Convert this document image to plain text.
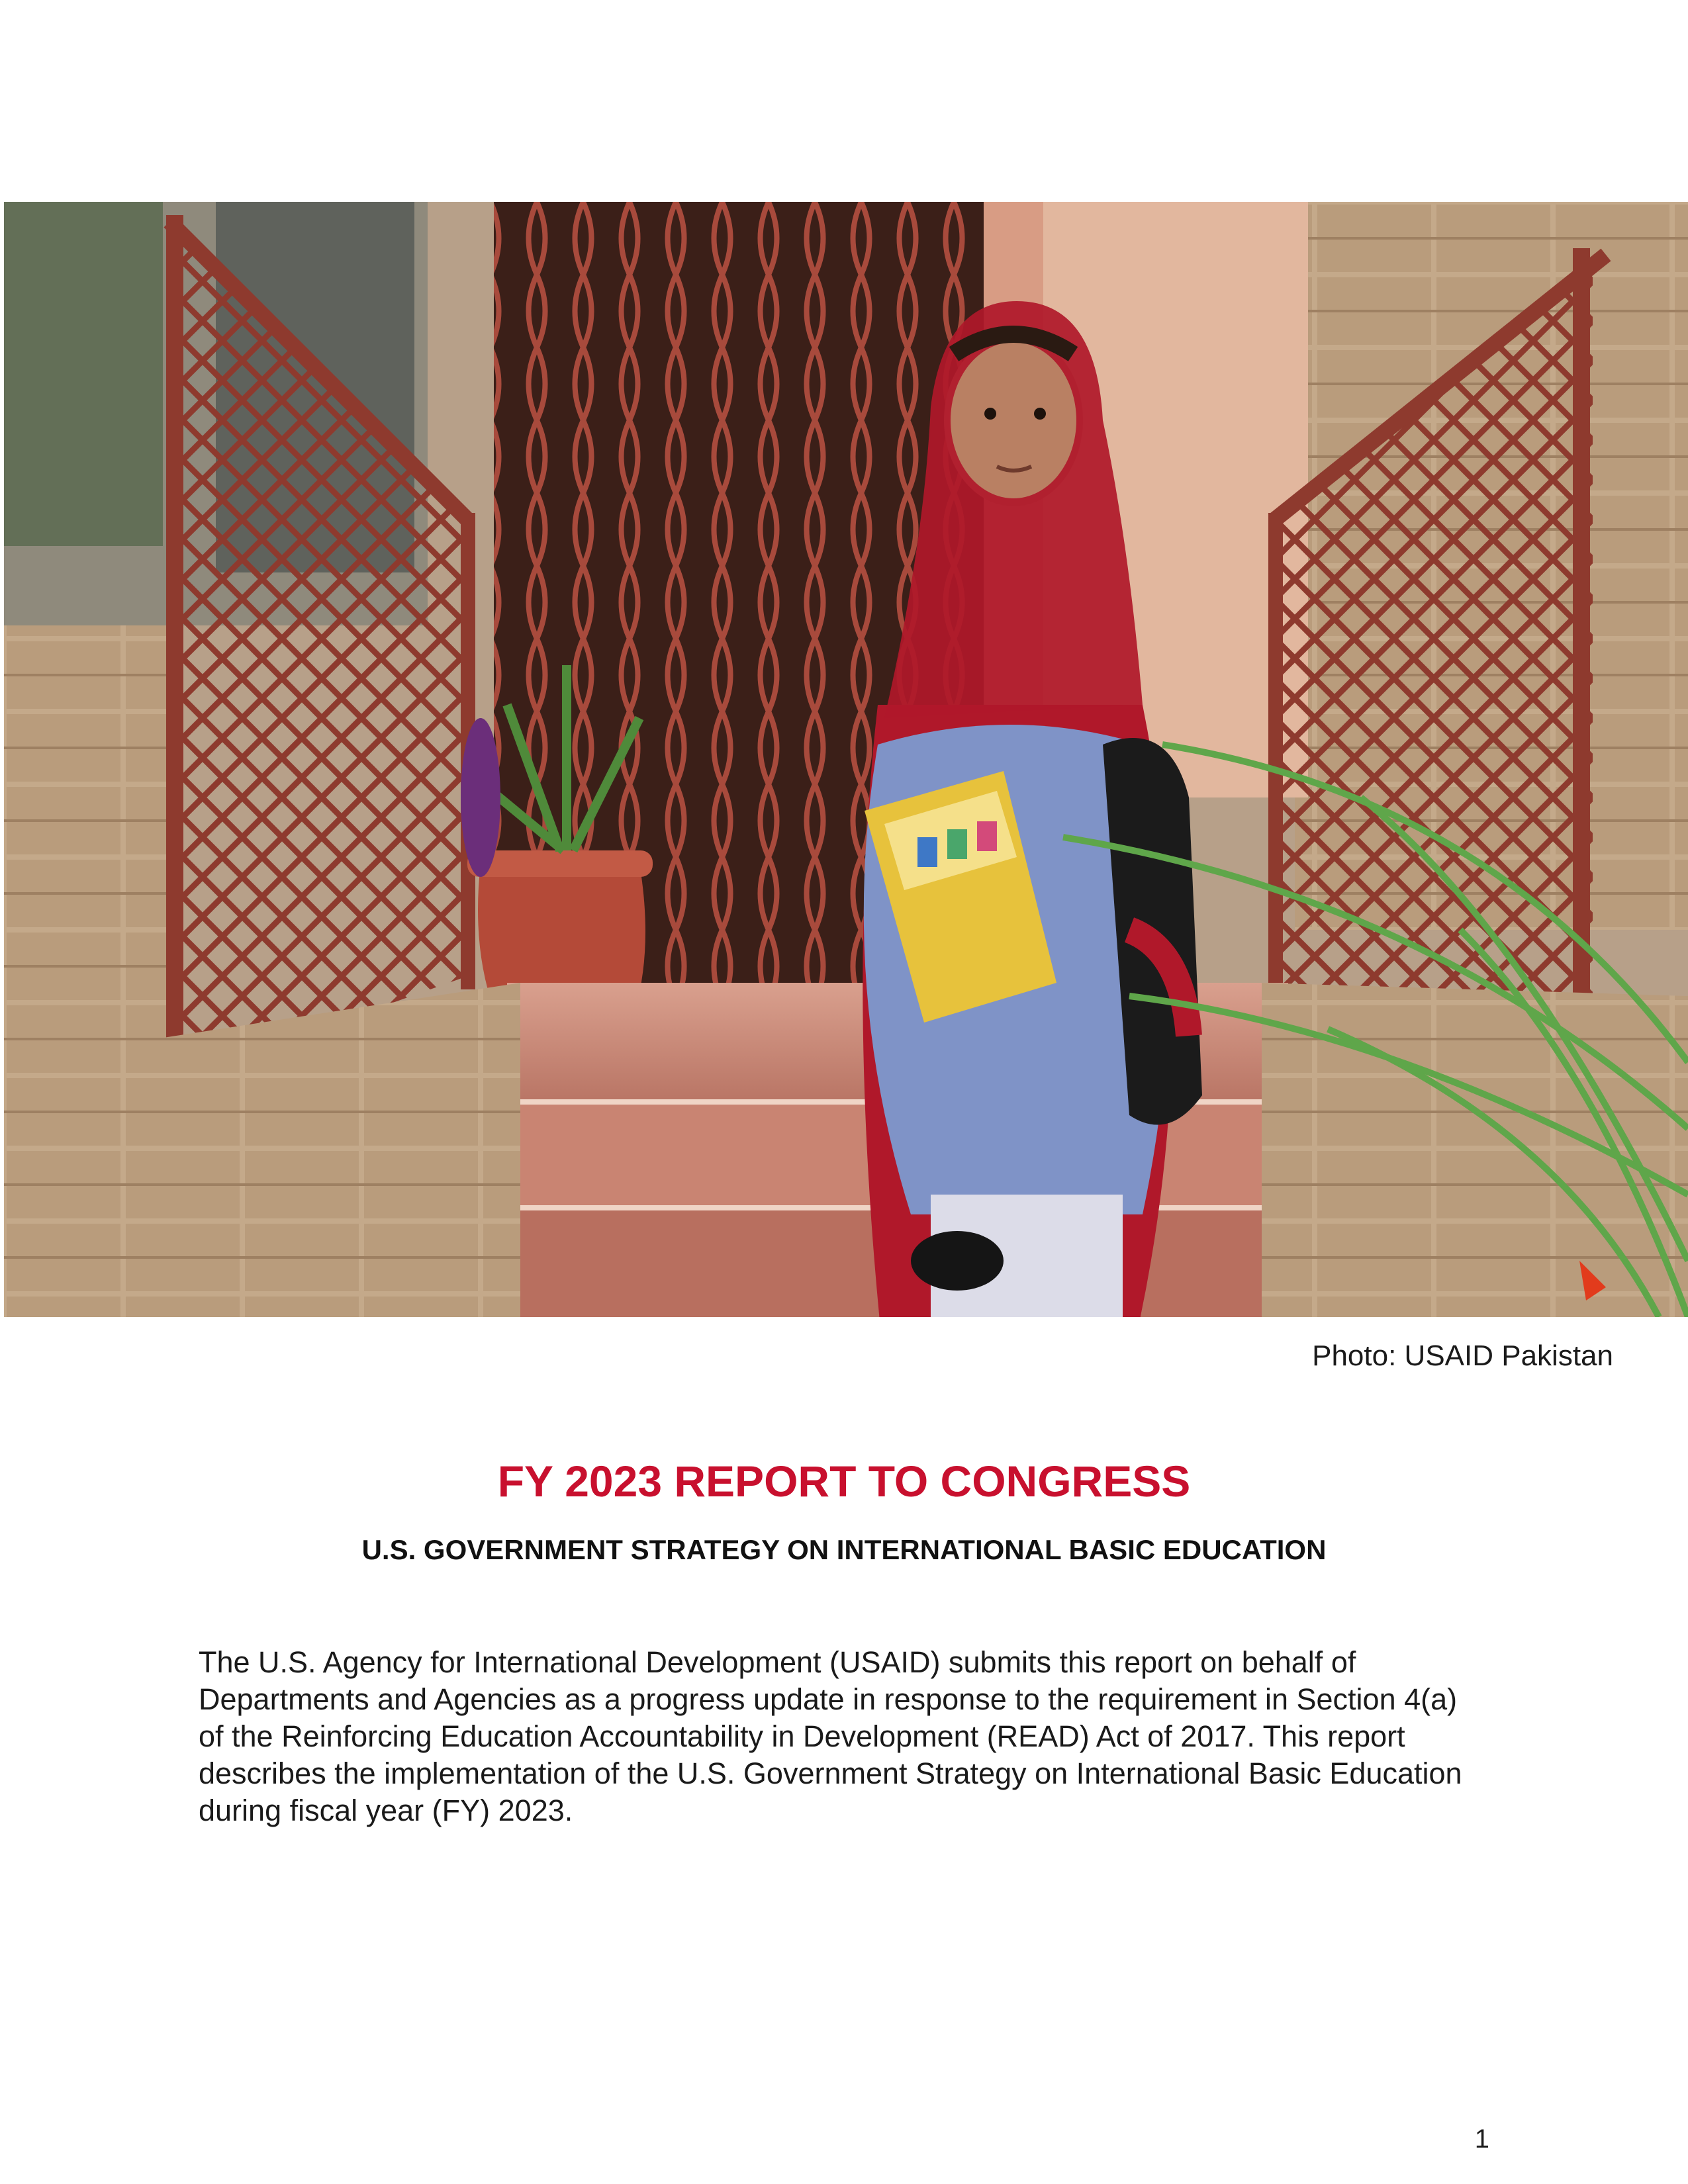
Photo: USAID Pakistan
FY 2023 REPORT TO CONGRESS
U.S. GOVERNMENT STRATEGY ON INTERNATIONAL BASIC EDUCATION
The U.S. Agency for International Development (USAID) submits this report on behalf of
Departments and Agencies as a progress update in response to the requirement in Section 4(a)
of the Reinforcing Education Accountability in Development (READ) Act of 2017. This report
describes the implementation of the U.S. Government Strategy on International Basic Education
during fiscal year (FY) 2023.
1
